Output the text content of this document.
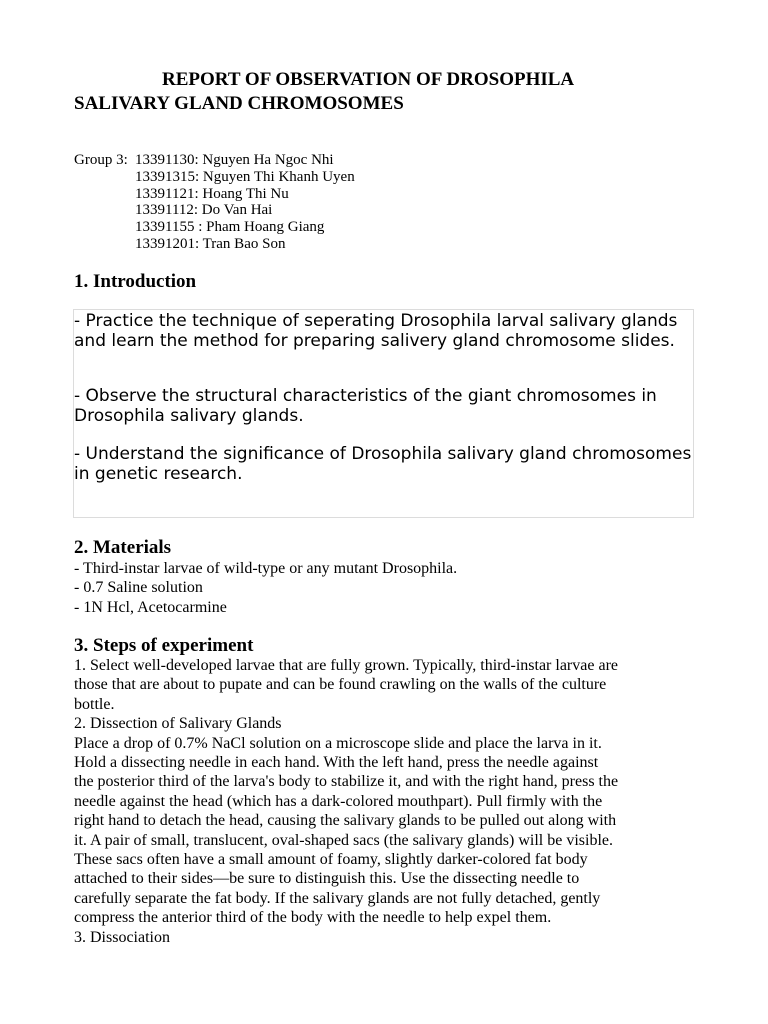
REPORT OF OBSERVATION OF DROSOPHILA
SALIVARY GLAND CHROMOSOMES
Group 3: 13391130: Nguyen Ha Ngoc Nhi
13391315: Nguyen Thi Khanh Uyen
13391121: Hoang Thi Nu
13391112: Do Van Hai
13391155 : Pham Hoang Giang
13391201: Tran Bao Son
1. Introduction

- Practice the technique of seperating Drosophila larval salivary glands and learn the method for preparing salivery gland chromosome slides.

- Observe the structural characteristics of the giant chromosomes in Drosophila salivary glands.

- Understand the significance of Drosophila salivary gland chromosomes in genetic research.

2. Materials
- Third-instar larvae of wild-type or any mutant Drosophila.
- 0.7 Saline solution
- 1N Hcl, Acetocarmine
3. Steps of experiment
1. Select well-developed larvae that are fully grown. Typically, third-instar larvae are
those that are about to pupate and can be found crawling on the walls of the culture
bottle.
2. Dissection of Salivary Glands
Place a drop of 0.7% NaCl solution on a microscope slide and place the larva in it.
Hold a dissecting needle in each hand. With the left hand, press the needle against
the posterior third of the larva's body to stabilize it, and with the right hand, press the
needle against the head (which has a dark-colored mouthpart). Pull firmly with the
right hand to detach the head, causing the salivary glands to be pulled out along with
it. A pair of small, translucent, oval-shaped sacs (the salivary glands) will be visible.
These sacs often have a small amount of foamy, slightly darker-colored fat body
attached to their sides—be sure to distinguish this. Use the dissecting needle to
carefully separate the fat body. If the salivary glands are not fully detached, gently
compress the anterior third of the body with the needle to help expel them.
3. Dissociation
